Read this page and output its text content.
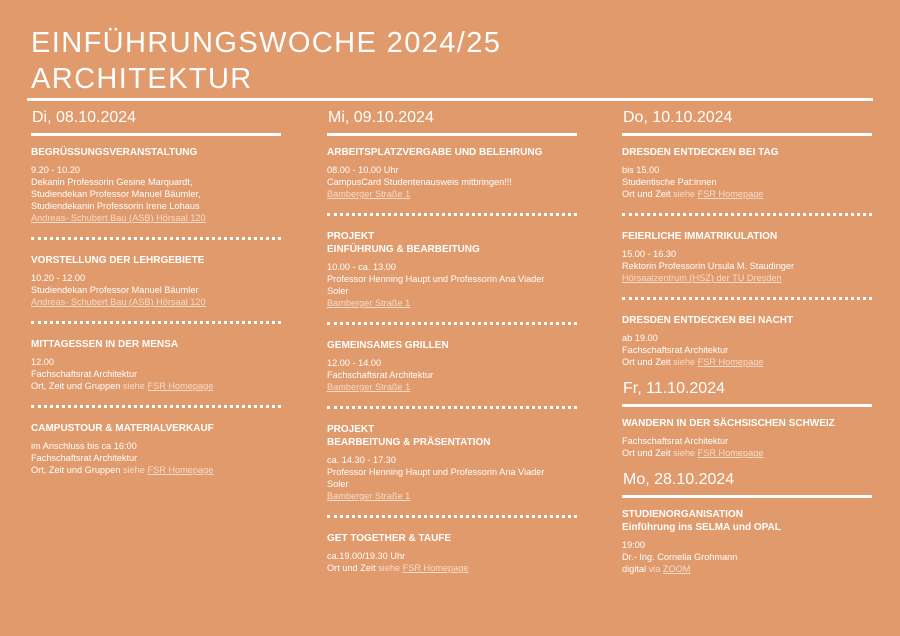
EINFÜHRUNGSWOCHE 2024/25
ARCHITEKTUR
Di, 08.10.2024
BEGRÜSSUNGSVERANSTALTUNG
9.20 - 10.20
Dekanin Professorin Gesine Marquardt,
Studiendekan Professor Manuel Bäumler,
Studiendekanin Professorin Irene Lohaus
Andreas- Schubert Bau (ASB) Hörsaal 120
VORSTELLUNG DER LEHRGEBIETE
10.20 - 12.00
Studiendekan Professor Manuel Bäumler
Andreas- Schubert Bau (ASB) Hörsaal 120
MITTAGESSEN IN DER MENSA
12.00
Fachschaftsrat Architektur
Ort, Zeit und Gruppen siehe FSR Homepage
CAMPUSTOUR & MATERIALVERKAUF
im Anschluss bis ca 16:00
Fachschaftsrat Architektur
Ort, Zeit und Gruppen siehe FSR Homepage
Mi, 09.10.2024
ARBEITSPLATZVERGABE UND BELEHRUNG
08.00 - 10.00 Uhr
CampusCard Studentenausweis mitbringen!!!
Bamberger Straße 1
PROJEKT
EINFÜHRUNG & BEARBEITUNG
10.00 - ca. 13.00
Professor Henning Haupt und Professorin Ana Viader
Soler
Bamberger Straße 1
GEMEINSAMES GRILLEN
12.00 - 14.00
Fachschaftsrat Architektur
Bamberger Straße 1
PROJEKT
BEARBEITUNG & PRÄSENTATION
ca. 14.30 - 17.30
Professor Henning Haupt und Professorin Ana Viader
Soler
Bamberger Straße 1
GET TOGETHER & TAUFE
ca.19.00/19.30 Uhr
Ort und Zeit siehe FSR Homepage
Do, 10.10.2024
DRESDEN ENTDECKEN BEI TAG
bis 15.00
Studentische Pat:innen
Ort und Zeit siehe FSR Homepage
FEIERLICHE IMMATRIKULATION
15.00 - 16.30
Rektorin Professorin Ursula M. Staudinger
Hörsaalzentrum (HSZ) der TU Dresden
DRESDEN ENTDECKEN BEI NACHT
ab 19.00
Fachschaftsrat Architektur
Ort und Zeit siehe FSR Homepage
Fr, 11.10.2024
WANDERN IN DER SÄCHSISCHEN SCHWEIZ
Fachschaftsrat Architektur
Ort und Zeit siehe FSR Homepage
Mo, 28.10.2024
STUDIENORGANISATION
Einführung ins SELMA und OPAL
19:00
Dr.- Ing. Cornelia Grohmann
digital via ZOOM
